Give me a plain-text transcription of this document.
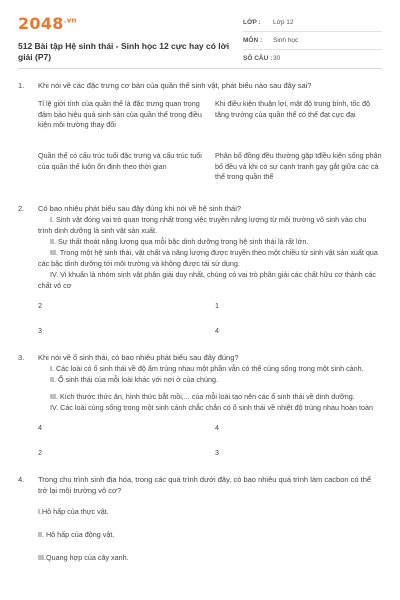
$2048^{.vn}$
512 Bài tập Hệ sinh thái - Sinh học 12 cực hay có lời giải (P7)
LỚP :	Lớp 12
MÔN :	Sinh học
SỐ CÂU : 30
1.	Khi nói về các đặc trưng cơ bản của quần thể sinh vật, phát biểu nào sau đây sai?
Tỉ lệ giới tính của quần thể là đặc trưng quan trọng đảm bảo hiệu quả sinh sản của quần thể trong điều kiện môi trường thay đổi
Khi điều kiện thuận lợi, mật độ trung bình, tốc độ tăng trưởng của quần thể có thể đạt cực đại
Quần thể có cấu trúc tuổi đặc trưng và cấu trúc tuổi của quần thể luôn ổn định theo thời gian
Phân bố đồng đều thường gặp tđiều kiện sống phân bố đều và khi có sự cạnh tranh gay gắt giữa các cá thể trong quần thể
2.	Có bao nhiêu phát biểu sau đây đúng khi nói về hệ sinh thái?

I. Sinh vật đóng vai trò quan trọng nhất trong việc truyền năng lượng từ môi trường vô sinh vào chu trình dinh dưỡng là sinh vật sản xuất.

II. Sự thất thoát năng lượng qua mỗi bậc dinh dưỡng trong hệ sinh thái là rất lớn.

III. Trong một hệ sinh thái, vật chất và năng lượng được truyền theo một chiều từ sinh vật sản xuất qua các bậc dinh dưỡng tới môi trường và không được tái sử dụng.

IV. Vi khuẩn là nhóm sinh vật phân giải duy nhất, chúng có vai trò phân giải các chất hữu cơ thành các chất vô cơ

2	1
3	4
3.	Khi nói về ổ sinh thái, có bao nhiêu phát biểu sau đây đúng?

I. Các loài có ổ sinh thái về độ ẩm trùng nhau một phần vẫn có thể cùng sống trong một sinh cảnh.

II. Ổ sinh thái của mỗi loài khác với nơi ở của chúng.

III. Kích thước thức ăn, hình thức bắt mồi,... của mỗi loài tạo nên các ổ sinh thái về dinh dưỡng.

IV. Các loài cùng sống trong một sinh cảnh chắc chắn có ổ sinh thái về nhiệt độ trùng nhau hoàn toàn

4	4
2	3
4.	Trong chu trình sinh địa hóa, trong các quá trình dưới đây, có bao nhiêu quá trình làm cacbon có thể trở lại môi trường vô cơ?

I.Hô hấp của thực vật.

II. Hô hấp của động vật.

III.Quang hợp của cây xanh.
